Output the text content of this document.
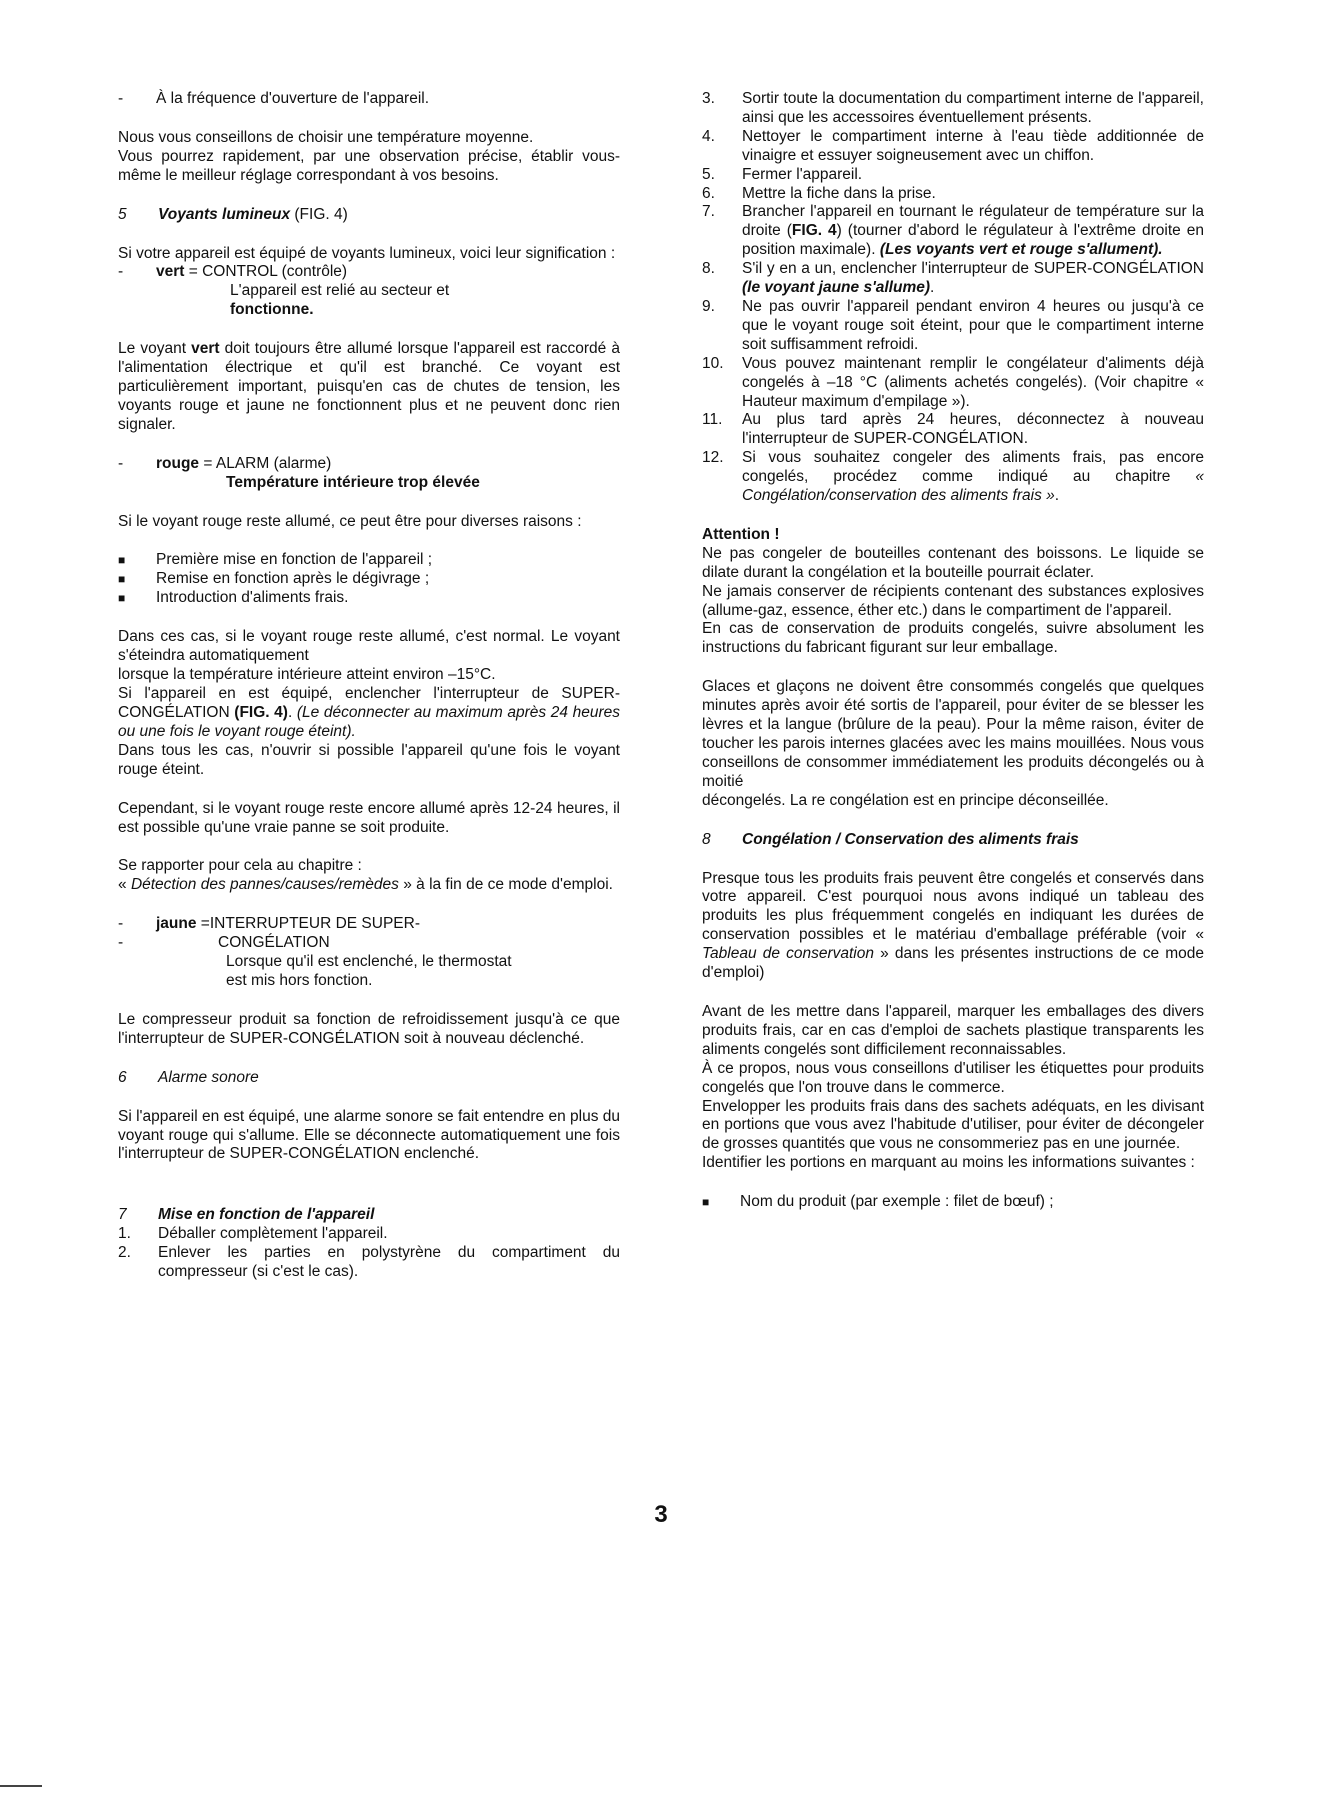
-	À la fréquence d'ouverture de l'appareil.

Nous vous conseillons de choisir une température moyenne.

Vous pourrez rapidement, par une observation précise, établir vous-même le meilleur réglage correspondant à vos besoins.

5 Voyants lumineux (FIG. 4)

Si votre appareil est équipé de voyants lumineux, voici leur signification :

-	vert = CONTROL (contrôle)
L'appareil est relié au secteur et
fonctionne.

Le voyant vert doit toujours être allumé lorsque l'appareil est raccordé à l'alimentation électrique et qu'il est branché. Ce voyant est particulièrement important, puisqu'en cas de chutes de tension, les voyants rouge et jaune ne fonctionnent plus et ne peuvent donc rien signaler.

-	rouge = ALARM (alarme)
Température intérieure trop élevée

Si le voyant rouge reste allumé, ce peut être pour diverses raisons :

■	Première mise en fonction de l'appareil ;
■	Remise en fonction après le dégivrage ;
■	Introduction d'aliments frais.

Dans ces cas, si le voyant rouge reste allumé, c'est normal. Le voyant s'éteindra automatiquement

lorsque la température intérieure atteint environ –15°C.

Si l'appareil en est équipé, enclencher l'interrupteur de SUPER-CONGÉLATION (FIG. 4). (Le déconnecter au maximum après 24 heures ou une fois le voyant rouge éteint).

Dans tous les cas, n'ouvrir si possible l'appareil qu'une fois le voyant rouge éteint.

Cependant, si le voyant rouge reste encore allumé après 12-24 heures, il est possible qu'une vraie panne se soit produite.

Se rapporter pour cela au chapitre :

« Détection des pannes/causes/remèdes » à la fin de ce mode d'emploi.

-	jaune =INTERRUPTEUR DE SUPER-
-	CONGÉLATION
Lorsque qu'il est enclenché, le thermostat
est mis hors fonction.

Le compresseur produit sa fonction de refroidissement jusqu'à ce que l'interrupteur de SUPER-CONGÉLATION soit à nouveau déclenché.

6 Alarme sonore

Si l'appareil en est équipé, une alarme sonore se fait entendre en plus du voyant rouge qui s'allume. Elle se déconnecte automatiquement une fois l'interrupteur de SUPER-CONGÉLATION enclenché.

7 Mise en fonction de l'appareil
1.	Déballer complètement l'appareil.
2.	Enlever les parties en polystyrène du compartiment du compresseur (si c'est le cas).
3.	Sortir toute la documentation du compartiment interne de l'appareil, ainsi que les accessoires éventuellement présents.
4.	Nettoyer le compartiment interne à l'eau tiède additionnée de vinaigre et essuyer soigneusement avec un chiffon.
5.	Fermer l'appareil.
6.	Mettre la fiche dans la prise.
7.	Brancher l'appareil en tournant le régulateur de température sur la droite (FIG. 4) (tourner d'abord le régulateur à l'extrême droite en position maximale). (Les voyants vert et rouge s'allument).
8.	S'il y en a un, enclencher l'interrupteur de SUPER-CONGÉLATION (le voyant jaune s'allume).
9.	Ne pas ouvrir l'appareil pendant environ 4 heures ou jusqu'à ce que le voyant rouge soit éteint, pour que le compartiment interne soit suffisamment refroidi.
10.	Vous pouvez maintenant remplir le congélateur d'aliments déjà congelés à –18 °C (aliments achetés congelés). (Voir chapitre « Hauteur maximum d'empilage »).
11.	Au plus tard après 24 heures, déconnectez à nouveau l'interrupteur de SUPER-CONGÉLATION.
12.	Si vous souhaitez congeler des aliments frais, pas encore congelés, procédez comme indiqué au chapitre « Congélation/conservation des aliments frais ».

Attention !

Ne pas congeler de bouteilles contenant des boissons. Le liquide se dilate durant la congélation et la bouteille pourrait éclater.

Ne jamais conserver de récipients contenant des substances explosives (allume-gaz, essence, éther etc.) dans le compartiment de l'appareil.

En cas de conservation de produits congelés, suivre absolument les instructions du fabricant figurant sur leur emballage.

Glaces et glaçons ne doivent être consommés congelés que quelques minutes après avoir été sortis de l'appareil, pour éviter de se blesser les lèvres et la langue (brûlure de la peau). Pour la même raison, éviter de toucher les parois internes glacées avec les mains mouillées. Nous vous conseillons de consommer immédiatement les produits décongelés ou à moitié

décongelés. La re congélation est en principe déconseillée.

8 Congélation / Conservation des aliments frais

Presque tous les produits frais peuvent être congelés et conservés dans votre appareil. C'est pourquoi nous avons indiqué un tableau des produits les plus fréquemment congelés en indiquant les durées de conservation possibles et le matériau d'emballage préférable (voir « Tableau de conservation » dans les présentes instructions de ce mode d'emploi)

Avant de les mettre dans l'appareil, marquer les emballages des divers produits frais, car en cas d'emploi de sachets plastique transparents les aliments congelés sont difficilement reconnaissables.

À ce propos, nous vous conseillons d'utiliser les étiquettes pour produits congelés que l'on trouve dans le commerce.

Envelopper les produits frais dans des sachets adéquats, en les divisant en portions que vous avez l'habitude d'utiliser, pour éviter de décongeler de grosses quantités que vous ne consommeriez pas en une journée.

Identifier les portions en marquant au moins les informations suivantes :

■	Nom du produit (par exemple : filet de bœuf) ;
3
